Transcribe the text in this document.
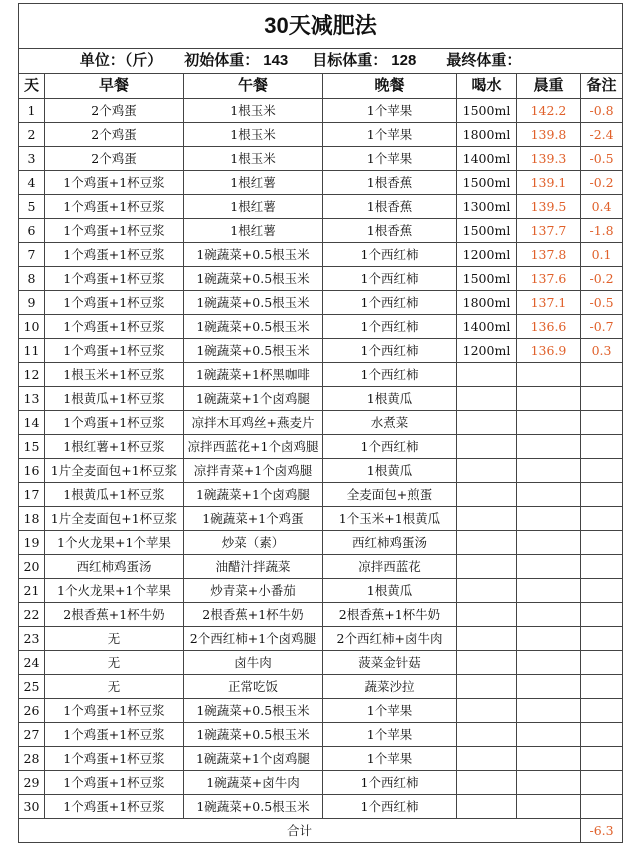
30天减肥法						
单位：（斤） 初始体重： 143 目标体重： 128 最终体重：						
天	早餐	午餐	晚餐	喝水	晨重	备注
1	2个鸡蛋	1根玉米	1个苹果	1500ml	142.2	-0.8
2	2个鸡蛋	1根玉米	1个苹果	1800ml	139.8	-2.4
3	2个鸡蛋	1根玉米	1个苹果	1400ml	139.3	-0.5
4	1个鸡蛋+1杯豆浆	1根红薯	1根香蕉	1500ml	139.1	-0.2
5	1个鸡蛋+1杯豆浆	1根红薯	1根香蕉	1300ml	139.5	0.4
6	1个鸡蛋+1杯豆浆	1根红薯	1根香蕉	1500ml	137.7	-1.8
7	1个鸡蛋+1杯豆浆	1碗蔬菜+0.5根玉米	1个西红柿	1200ml	137.8	0.1
8	1个鸡蛋+1杯豆浆	1碗蔬菜+0.5根玉米	1个西红柿	1500ml	137.6	-0.2
9	1个鸡蛋+1杯豆浆	1碗蔬菜+0.5根玉米	1个西红柿	1800ml	137.1	-0.5
10	1个鸡蛋+1杯豆浆	1碗蔬菜+0.5根玉米	1个西红柿	1400ml	136.6	-0.7
11	1个鸡蛋+1杯豆浆	1碗蔬菜+0.5根玉米	1个西红柿	1200ml	136.9	0.3
12	1根玉米+1杯豆浆	1碗蔬菜+1杯黑咖啡	1个西红柿			
13	1根黄瓜+1杯豆浆	1碗蔬菜+1个卤鸡腿	1根黄瓜			
14	1个鸡蛋+1杯豆浆	凉拌木耳鸡丝+燕麦片	水煮菜			
15	1根红薯+1杯豆浆	凉拌西蓝花+1个卤鸡腿	1个西红柿			
16	1片全麦面包+1杯豆浆	凉拌青菜+1个卤鸡腿	1根黄瓜			
17	1根黄瓜+1杯豆浆	1碗蔬菜+1个卤鸡腿	全麦面包+煎蛋			
18	1片全麦面包+1杯豆浆	1碗蔬菜+1个鸡蛋	1个玉米+1根黄瓜			
19	1个火龙果+1个苹果	炒菜（素）	西红柿鸡蛋汤			
20	西红柿鸡蛋汤	油醋汁拌蔬菜	凉拌西蓝花			
21	1个火龙果+1个苹果	炒青菜+小番茄	1根黄瓜			
22	2根香蕉+1杯牛奶	2根香蕉+1杯牛奶	2根香蕉+1杯牛奶			
23	无	2个西红柿+1个卤鸡腿	2个西红柿+卤牛肉			
24	无	卤牛肉	菠菜金针菇			
25	无	正常吃饭	蔬菜沙拉			
26	1个鸡蛋+1杯豆浆	1碗蔬菜+0.5根玉米	1个苹果			
27	1个鸡蛋+1杯豆浆	1碗蔬菜+0.5根玉米	1个苹果			
28	1个鸡蛋+1杯豆浆	1碗蔬菜+1个卤鸡腿	1个苹果			
29	1个鸡蛋+1杯豆浆	1碗蔬菜+卤牛肉	1个西红柿			
30	1个鸡蛋+1杯豆浆	1碗蔬菜+0.5根玉米	1个西红柿			
合计						-6.3
